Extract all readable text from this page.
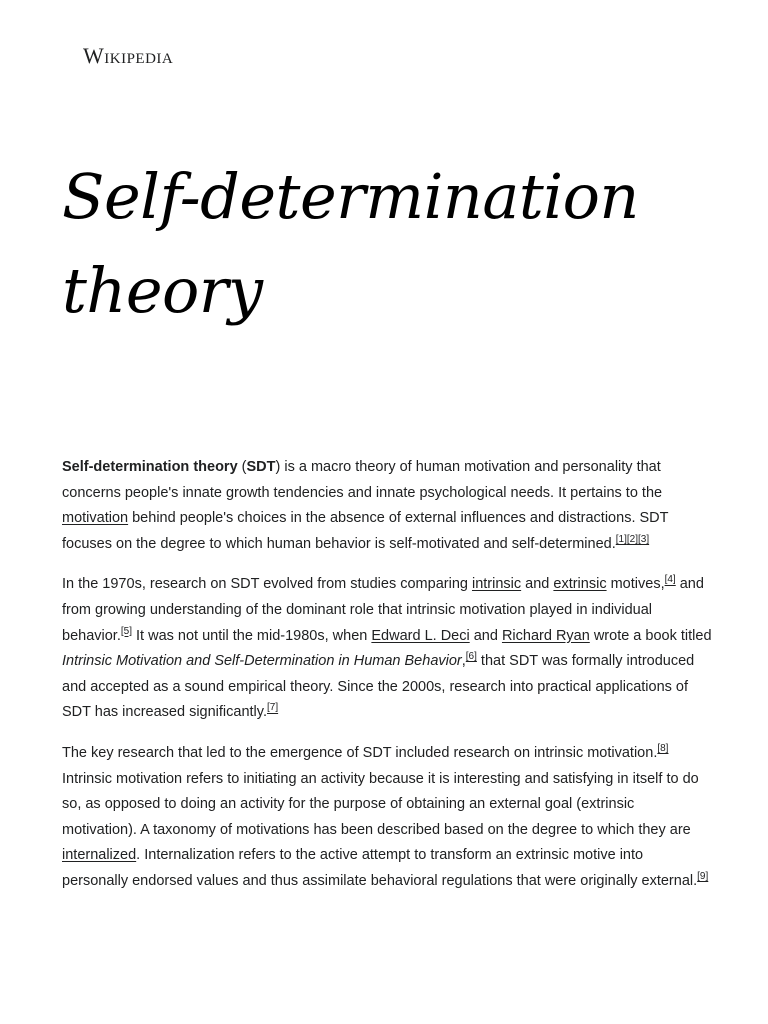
Wikipedia
Self-determination theory

Self-determination theory (SDT) is a macro theory of human motivation and personality that concerns people's innate growth tendencies and innate psychological needs. It pertains to the motivation behind people's choices in the absence of external influences and distractions. SDT focuses on the degree to which human behavior is self-motivated and self-determined.[1][2][3]

In the 1970s, research on SDT evolved from studies comparing intrinsic and extrinsic motives,[4] and from growing understanding of the dominant role that intrinsic motivation played in individual behavior.[5] It was not until the mid-1980s, when Edward L. Deci and Richard Ryan wrote a book titled Intrinsic Motivation and Self-Determination in Human Behavior,[6] that SDT was formally introduced and accepted as a sound empirical theory. Since the 2000s, research into practical applications of SDT has increased significantly.[7]

The key research that led to the emergence of SDT included research on intrinsic motivation.[8] Intrinsic motivation refers to initiating an activity because it is interesting and satisfying in itself to do so, as opposed to doing an activity for the purpose of obtaining an external goal (extrinsic motivation). A taxonomy of motivations has been described based on the degree to which they are internalized. Internalization refers to the active attempt to transform an extrinsic motive into personally endorsed values and thus assimilate behavioral regulations that were originally external.[9]
